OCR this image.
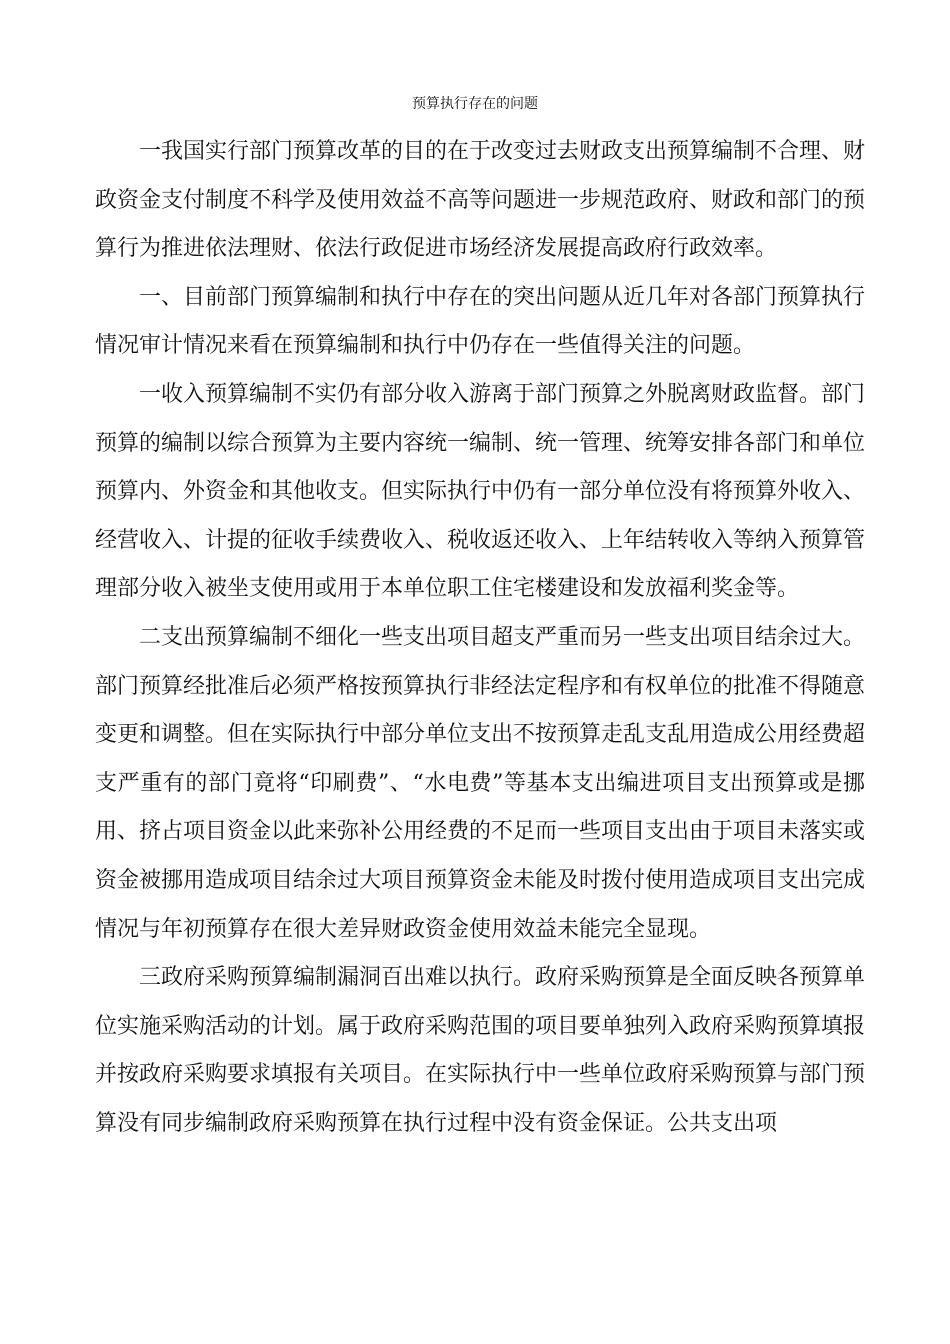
预算执行存在的问题

一我国实行部门预算改革的目的在于改变过去财政支出预算编制不合理、财政资金支付制度不科学及使用效益不高等问题进一步规范政府、财政和部门的预算行为推进依法理财、依法行政促进市场经济发展提高政府行政效率。

一、目前部门预算编制和执行中存在的突出问题从近几年对各部门预算执行情况审计情况来看在预算编制和执行中仍存在一些值得关注的问题。

一收入预算编制不实仍有部分收入游离于部门预算之外脱离财政监督。部门预算的编制以综合预算为主要内容统一编制、统一管理、统筹安排各部门和单位预算内、外资金和其他收支。但实际执行中仍有一部分单位没有将预算外收入、经营收入、计提的征收手续费收入、税收返还收入、上年结转收入等纳入预算管理部分收入被坐支使用或用于本单位职工住宅楼建设和发放福利奖金等。

二支出预算编制不细化一些支出项目超支严重而另一些支出项目结余过大。部门预算经批准后必须严格按预算执行非经法定程序和有权单位的批准不得随意变更和调整。但在实际执行中部分单位支出不按预算走乱支乱用造成公用经费超支严重有的部门竟将“印刷费”、“水电费”等基本支出编进项目支出预算或是挪用、挤占项目资金以此来弥补公用经费的不足而一些项目支出由于项目未落实或资金被挪用造成项目结余过大项目预算资金未能及时拨付使用造成项目支出完成情况与年初预算存在很大差异财政资金使用效益未能完全显现。

三政府采购预算编制漏洞百出难以执行。政府采购预算是全面反映各预算单位实施采购活动的计划。属于政府采购范围的项目要单独列入政府采购预算填报并按政府采购要求填报有关项目。在实际执行中一些单位政府采购预算与部门预算没有同步编制政府采购预算在执行过程中没有资金保证。公共支出项
